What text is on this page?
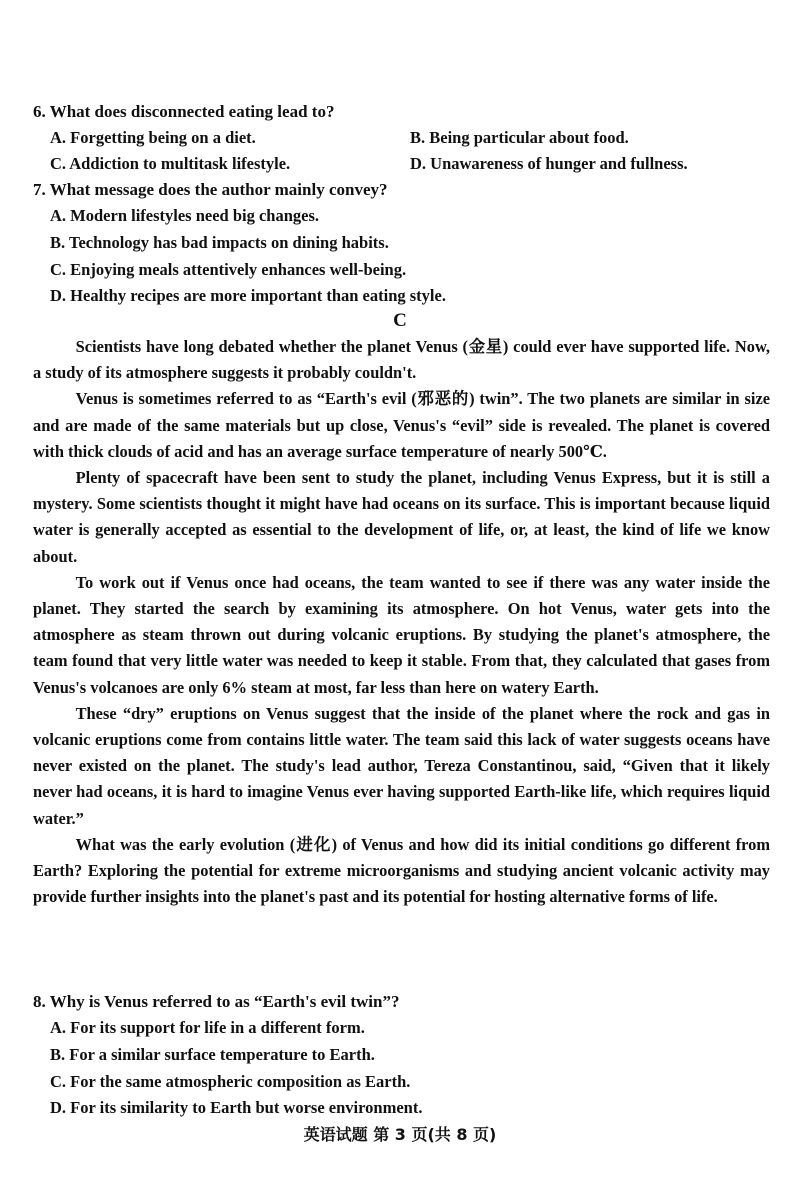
6. What does disconnected eating lead to?
A. Forgetting being on a diet.	B. Being particular about food.
C. Addiction to multitask lifestyle.	D. Unawareness of hunger and fullness.
7. What message does the author mainly convey?
A. Modern lifestyles need big changes.
B. Technology has bad impacts on dining habits.
C. Enjoying meals attentively enhances well-being.
D. Healthy recipes are more important than eating style.
C

Scientists have long debated whether the planet Venus (金星) could ever have supported life. Now, a study of its atmosphere suggests it probably couldn't.

Venus is sometimes referred to as “Earth's evil (邪恶的) twin”. The two planets are similar in size and are made of the same materials but up close, Venus's “evil” side is revealed. The planet is covered with thick clouds of acid and has an average surface temperature of nearly 500℃.

Plenty of spacecraft have been sent to study the planet, including Venus Express, but it is still a mystery. Some scientists thought it might have had oceans on its surface. This is important because liquid water is generally accepted as essential to the development of life, or, at least, the kind of life we know about.

To work out if Venus once had oceans, the team wanted to see if there was any water inside the planet. They started the search by examining its atmosphere. On hot Venus, water gets into the atmosphere as steam thrown out during volcanic eruptions. By studying the planet's atmosphere, the team found that very little water was needed to keep it stable. From that, they calculated that gases from Venus's volcanoes are only 6% steam at most, far less than here on watery Earth.

These “dry” eruptions on Venus suggest that the inside of the planet where the rock and gas in volcanic eruptions come from contains little water. The team said this lack of water suggests oceans have never existed on the planet. The study's lead author, Tereza Constantinou, said, “Given that it likely never had oceans, it is hard to imagine Venus ever having supported Earth-like life, which requires liquid water.”

What was the early evolution (进化) of Venus and how did its initial conditions go different from Earth? Exploring the potential for extreme microorganisms and studying ancient volcanic activity may provide further insights into the planet's past and its potential for hosting alternative forms of life.

8. Why is Venus referred to as “Earth's evil twin”?
A. For its support for life in a different form.
B. For a similar surface temperature to Earth.
C. For the same atmospheric composition as Earth.
D. For its similarity to Earth but worse environment.
英语试题 第 3 页(共 8 页)
